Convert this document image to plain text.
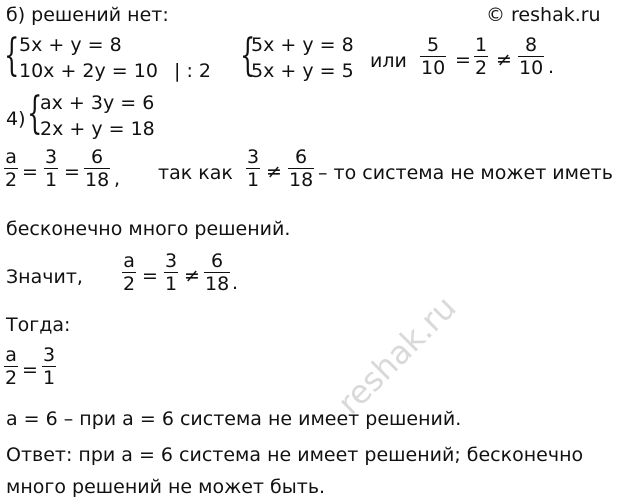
б) решений нет:	© reshak.ru
{ 5x + y = 8
10x + 2y = 10 | : 2 {
5x + y = 8
5x + y = 5 или $\frac{5}{10} = \frac{1}{2} \ne \frac{8}{10}$ .
4) {
ax + 3y = 6
2x + y = 18
$\frac{a}{2} = \frac{3}{1} = \frac{6}{18}$ , так как $\frac{3}{1} \ne \frac{6}{18}$ – то система не может иметь
бесконечно много решений.
Значит, $\frac{a}{2} = \frac{3}{1} \ne \frac{6}{18}$ .
Тогда:
$\frac{a}{2} = \frac{3}{1}$
a = 6 – при a = 6 система не имеет решений.
Ответ: при a = 6 система не имеет решений; бесконечно
много решений не может быть.
reshak.ru
